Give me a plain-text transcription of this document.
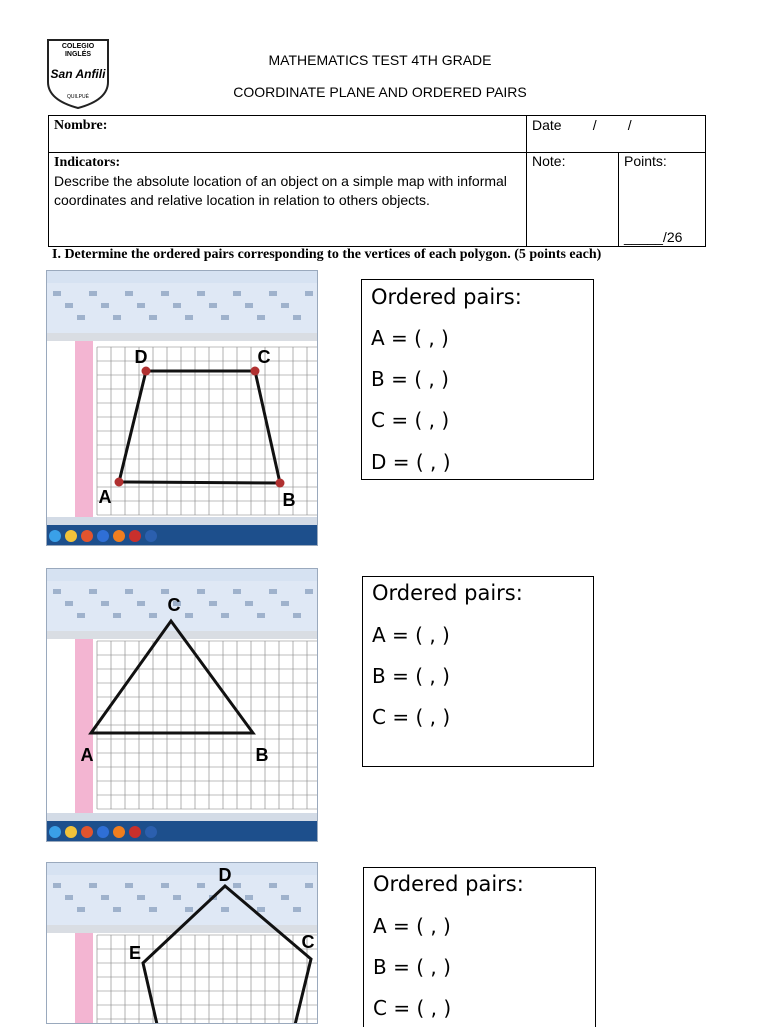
COLEGIO
INGLÉS
San Anfili
QUILPUÉ
MATHEMATICS TEST 4TH GRADE
COORDINATE PLANE AND ORDERED PAIRS
Nombre:	Date        /        /
Indicators:
Describe the absolute location of an object on a simple map with informal coordinates and relative location in relation to others objects.
Note:	Points:
_____/26
I. Determine the ordered pairs corresponding to the vertices of each polygon. (5 points each)
A	B
C
D
Ordered pairs:
A = ( , )
B = ( , )
C = ( , )
D = ( , )
A	B
C	Ordered pairs:
A = ( , )
B = ( , )
C = ( , )
D
E
C
Ordered pairs:
A = ( , )
B = ( , )
C = ( , )
